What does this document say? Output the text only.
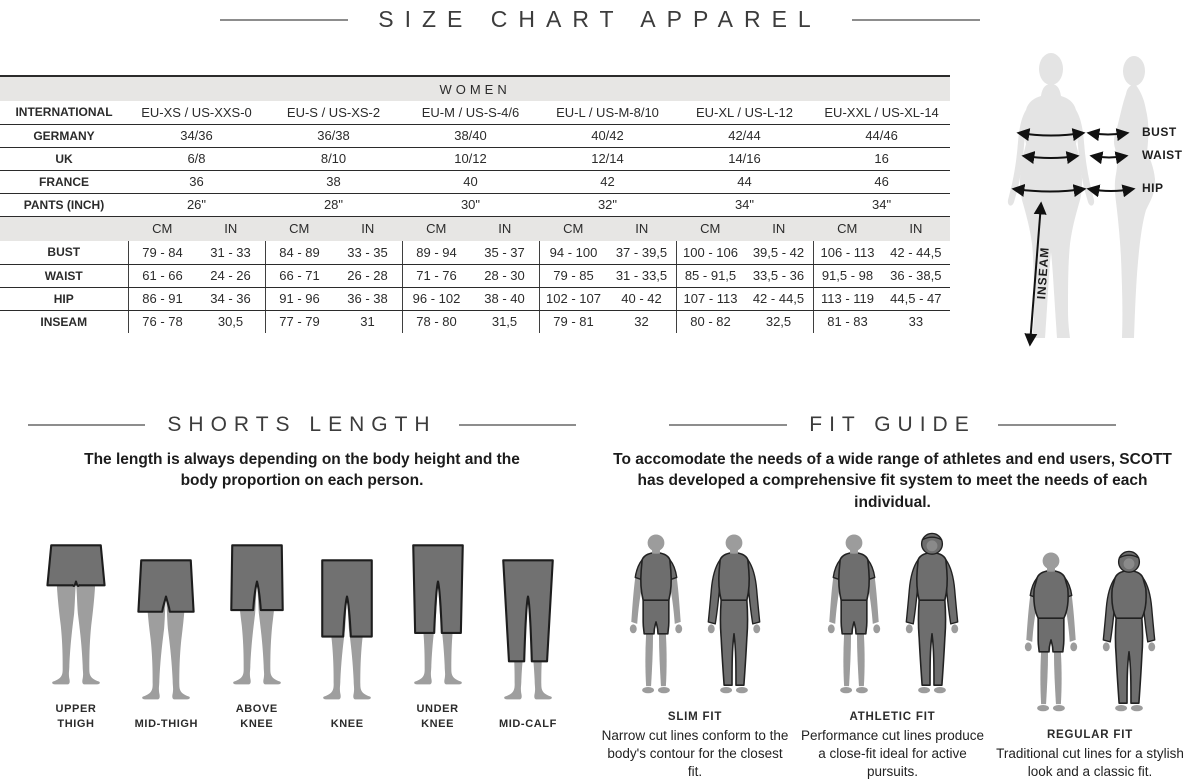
SIZE CHART APPAREL
WOMEN												
INTERNATIONAL	EU-XS / US-XXS-0		EU-S / US-XS-2		EU-M / US-S-4/6		EU-L / US-M-8/10		EU-XL / US-L-12		EU-XXL / US-XL-14	
GERMANY	34/36		36/38		38/40		40/42		42/44		44/46	
UK	6/8		8/10		10/12		12/14		14/16		16	
FRANCE	36		38		40		42		44		46	
PANTS (INCH)	26"		28"		30"		32"		34"		34"	
	CM	IN	CM	IN	CM	IN	CM	IN	CM	IN	CM	IN
BUST	79 - 84	31 - 33	84 - 89	33 - 35	89 - 94	35 - 37	94 - 100	37 - 39,5	100 - 106	39,5 - 42	106 - 113	42 - 44,5
WAIST	61 - 66	24 - 26	66 - 71	26 - 28	71 - 76	28 - 30	79 - 85	31 - 33,5	85 - 91,5	33,5 - 36	91,5 - 98	36 - 38,5
HIP	86 - 91	34 - 36	91 - 96	36 - 38	96 - 102	38 - 40	102 - 107	40 - 42	107 - 113	42 - 44,5	113 - 119	44,5 - 47
INSEAM	76 - 78	30,5	77 - 79	31	78 - 80	31,5	79 - 81	32	80 - 82	32,5	81 - 83	33
BUST
WAIST
HIP
INSEAM
SHORTS LENGTH

The length is always depending on the body height and the body proportion on each person.

UPPER THIGH	MID-THIGH
ABOVE KNEE	KNEE
UNDER KNEE	MID-CALF
FIT GUIDE

To accomodate the needs of a wide range of athletes and end users, SCOTT has developed a comprehensive fit system to meet the needs of each individual.

SLIM FIT
Narrow cut lines conform to the body's contour for the closest fit.
ATHLETIC FIT
Performance cut lines produce a close-fit ideal for active pursuits.
REGULAR FIT
Traditional cut lines for a stylish look and a classic fit.
